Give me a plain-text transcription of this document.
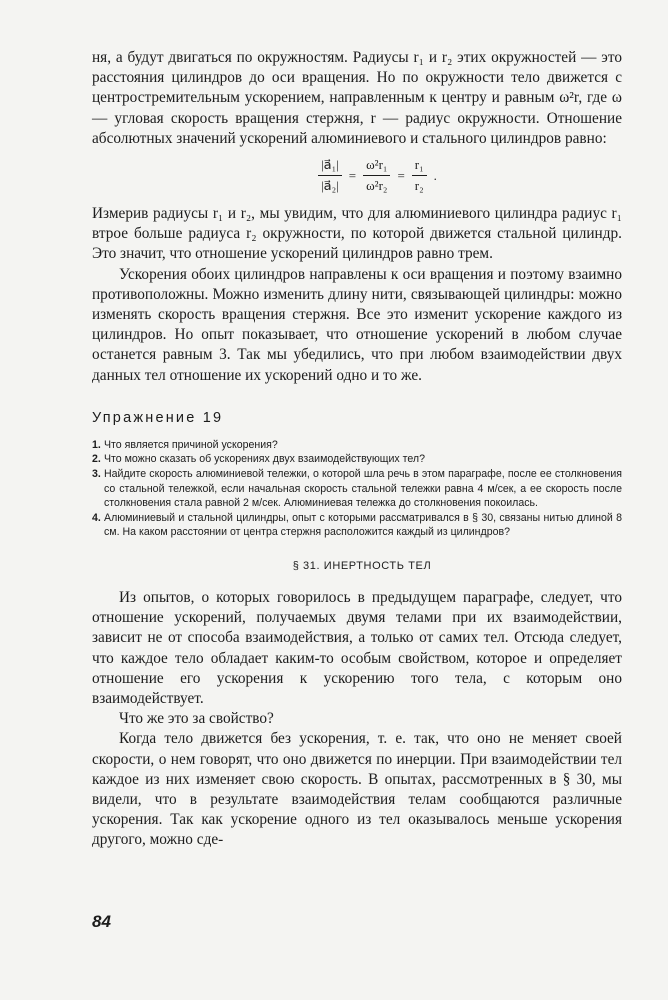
ня, а будут двигаться по окружностям. Радиусы r₁ и r₂ этих окружностей — это расстояния цилиндров до оси вращения. Но по окружности тело движется с центростремительным ускорением, направленным к центру и равным ω²r, где ω — угловая скорость вращения стержня, r — радиус окружности. Отношение абсолютных значений ускорений алюминиевого и стального цилиндров равно:

$\frac{\text{|a⃗₁|}}{\text{|a⃗₂|}} = \frac{\text{ω²r₁}}{\text{ω²r₂}} = \frac{\text{r₁}}{\text{r₂}}$ .

Измерив радиусы r₁ и r₂, мы увидим, что для алюминиевого цилиндра радиус r₁ втрое больше радиуса r₂ окружности, по которой движется стальной цилиндр. Это значит, что отношение ускорений цилиндров равно трем.

Ускорения обоих цилиндров направлены к оси вращения и поэтому взаимно противоположны. Можно изменить длину нити, связывающей цилиндры: можно изменять скорость вращения стержня. Все это изменит ускорение каждого из цилиндров. Но опыт показывает, что отношение ускорений в любом случае останется равным 3. Так мы убедились, что при любом взаимодействии двух данных тел отношение их ускорений одно и то же.

Упражнение 19
1. Что является причиной ускорения?
2. Что можно сказать об ускорениях двух взаимодействующих тел?
3. Найдите скорость алюминиевой тележки, о которой шла речь в этом параграфе, после ее столкновения со стальной тележкой, если начальная скорость стальной тележки равна 4 м/сек, а ее скорость после столкновения стала равной 2 м/сек. Алюминиевая тележка до столкновения покоилась.
4. Алюминиевый и стальной цилиндры, опыт с которыми рассматривался в § 30, связаны нитью длиной 8 см. На каком расстоянии от центра стержня расположится каждый из цилиндров?
§ 31. ИНЕРТНОСТЬ ТЕЛ

Из опытов, о которых говорилось в предыдущем параграфе, следует, что отношение ускорений, получаемых двумя телами при их взаимодействии, зависит не от способа взаимодействия, а только от самих тел. Отсюда следует, что каждое тело обладает каким-то особым свойством, которое и определяет отношение его ускорения к ускорению того тела, с которым оно взаимодействует.

Что же это за свойство?

Когда тело движется без ускорения, т. е. так, что оно не меняет своей скорости, о нем говорят, что оно движется по инерции. При взаимодействии тел каждое из них изменяет свою скорость. В опытах, рассмотренных в § 30, мы видели, что в результате взаимодействия телам сообщаются различные ускорения. Так как ускорение одного из тел оказывалось меньше ускорения другого, можно сде-

84
